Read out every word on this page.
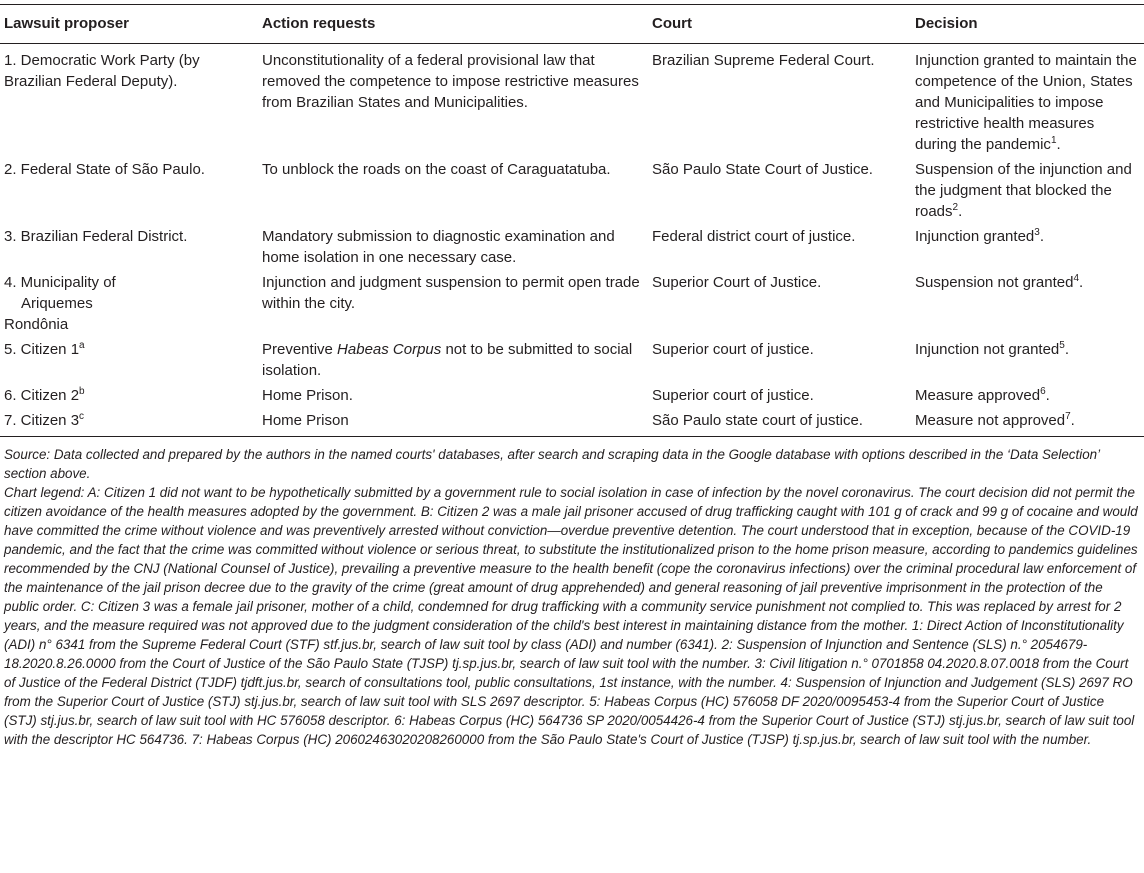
Lawsuit proposer	Action requests	Court	Decision
1. Democratic Work Party (by Brazilian Federal Deputy).	Unconstitutionality of a federal provisional law that removed the competence to impose restrictive measures from Brazilian States and Municipalities.	Brazilian Supreme Federal Court.	Injunction granted to maintain the competence of the Union, States and Municipalities to impose restrictive health measures during the pandemic$^1$.
2. Federal State of São Paulo.	To unblock the roads on the coast of Caraguatatuba.	São Paulo State Court of Justice.	Suspension of the injunction and the judgment that blocked the roads$^2$.
3. Brazilian Federal District.	Mandatory submission to diagnostic examination and home isolation in one necessary case.	Federal district court of justice.	Injunction granted$^3$.
4. Municipality of
Ariquemes
Rondônia	Injunction and judgment suspension to permit open trade within the city.	Superior Court of Justice.	Suspension not granted$^4$.
5. Citizen 1$^a$	Preventive Habeas Corpus not to be submitted to social isolation.	Superior court of justice.	Injunction not granted$^5$.
6. Citizen 2$^b$	Home Prison.	Superior court of justice.	Measure approved$^6$.
7. Citizen 3$^c$	Home Prison	São Paulo state court of justice.	Measure not approved$^7$.

Source: Data collected and prepared by the authors in the named courts' databases, after search and scraping data in the Google database with options described in the ‘Data Selection’ section above.

Chart legend: A: Citizen 1 did not want to be hypothetically submitted by a government rule to social isolation in case of infection by the novel coronavirus. The court decision did not permit the citizen avoidance of the health measures adopted by the government. B: Citizen 2 was a male jail prisoner accused of drug trafficking caught with 101 g of crack and 99 g of cocaine and would have committed the crime without violence and was preventively arrested without conviction—overdue preventive detention. The court understood that in exception, because of the COVID-19 pandemic, and the fact that the crime was committed without violence or serious threat, to substitute the institutionalized prison to the home prison measure, according to pandemics guidelines recommended by the CNJ (National Counsel of Justice), prevailing a preventive measure to the health benefit (cope the coronavirus infections) over the criminal procedural law enforcement of the maintenance of the jail prison decree due to the gravity of the crime (great amount of drug apprehended) and general reasoning of jail preventive imprisonment in the protection of the public order. C: Citizen 3 was a female jail prisoner, mother of a child, condemned for drug trafficking with a community service punishment not complied to. This was replaced by arrest for 2 years, and the measure required was not approved due to the judgment consideration of the child's best interest in maintaining distance from the mother. 1: Direct Action of Inconstitutionality (ADI) n° 6341 from the Supreme Federal Court (STF) stf.jus.br, search of law suit tool by class (ADI) and number (6341). 2: Suspension of Injunction and Sentence (SLS) n.° 2054679-18.2020.8.26.0000 from the Court of Justice of the São Paulo State (TJSP) tj.sp.jus.br, search of law suit tool with the number. 3: Civil litigation n.° 0701858 04.2020.8.07.0018 from the Court of Justice of the Federal District (TJDF) tjdft.jus.br, search of consultations tool, public consultations, 1st instance, with the number. 4: Suspension of Injunction and Judgement (SLS) 2697 RO from the Superior Court of Justice (STJ) stj.jus.br, search of law suit tool with SLS 2697 descriptor. 5: Habeas Corpus (HC) 576058 DF 2020/0095453-4 from the Superior Court of Justice (STJ) stj.jus.br, search of law suit tool with HC 576058 descriptor. 6: Habeas Corpus (HC) 564736 SP 2020/0054426-4 from the Superior Court of Justice (STJ) stj.jus.br, search of law suit tool with the descriptor HC 564736. 7: Habeas Corpus (HC) 20602463020208260000 from the São Paulo State's Court of Justice (TJSP) tj.sp.jus.br, search of law suit tool with the number.
